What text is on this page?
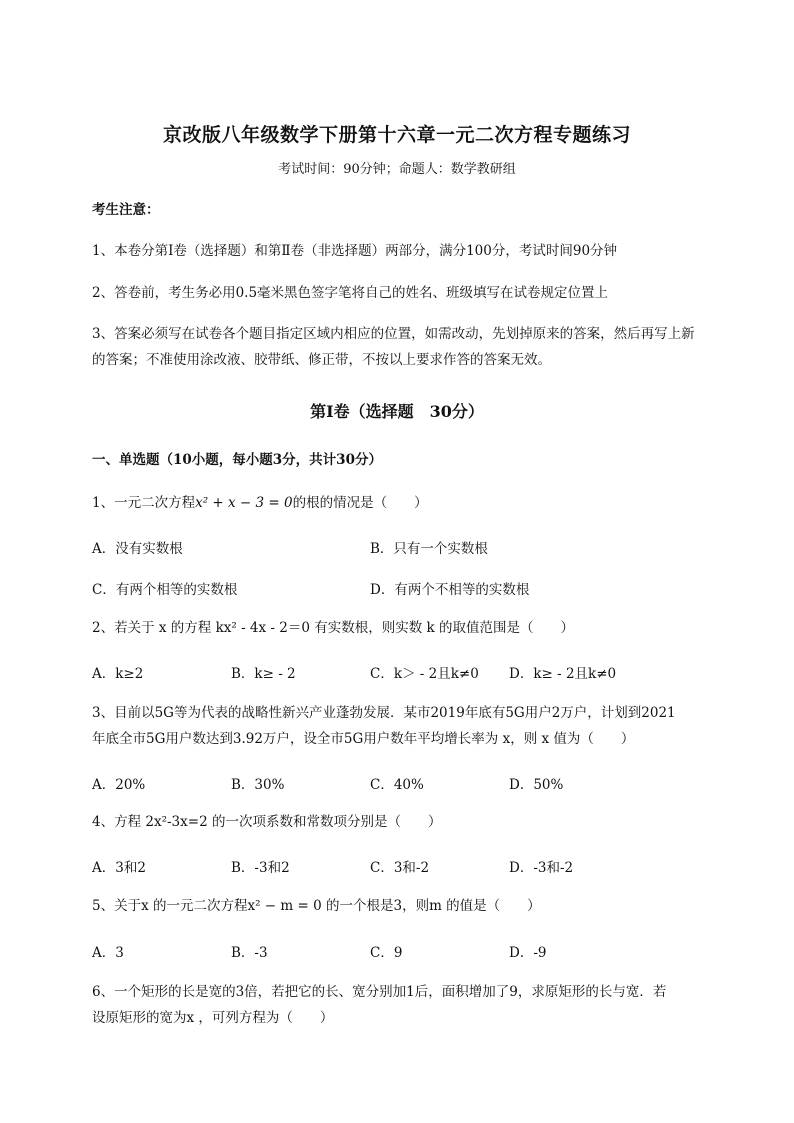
京改版八年级数学下册第十六章一元二次方程专题练习
考试时间：90分钟；命题人：数学教研组
考生注意：
1、本卷分第Ⅰ卷（选择题）和第Ⅱ卷（非选择题）两部分，满分100分，考试时间90分钟
2、答卷前，考生务必用0.5毫米黑色签字笔将自己的姓名、班级填写在试卷规定位置上
3、答案必须写在试卷各个题目指定区域内相应的位置，如需改动，先划掉原来的答案，然后再写上新
的答案；不准使用涂改液、胶带纸、修正带，不按以上要求作答的答案无效。
第Ⅰ卷（选择题　30分）
一、单选题（10小题，每小题3分，共计30分）
1、一元二次方程x² + x − 3 = 0的根的情况是（　　）
A．没有实数根	B．只有一个实数根
C．有两个相等的实数根	D．有两个不相等的实数根
2、若关于 x 的方程 kx² - 4x - 2＝0 有实数根，则实数 k 的取值范围是（　　）
A．k≥2	B．k≥ - 2	C．k＞ - 2且k≠0 D．k≥ - 2且k≠0
3、目前以5G等为代表的战略性新兴产业蓬勃发展．某市2019年底有5G用户2万户，计划到2021
年底全市5G用户数达到3.92万户，设全市5G用户数年平均增长率为 x，则 x 值为（　　）
A．20%	B．30%	C．40%	D．50%
4、方程 2x²-3x=2 的一次项系数和常数项分别是（　　）
A．3和2	B．-3和2	C．3和-2	D．-3和-2
5、关于x 的一元二次方程x² − m = 0 的一个根是3，则m 的值是（　　）
A．3	B．-3	C．9	D．-9
6、一个矩形的长是宽的3倍，若把它的长、宽分别加1后，面积增加了9，求原矩形的长与宽．若
设原矩形的宽为x ，可列方程为（　　）
